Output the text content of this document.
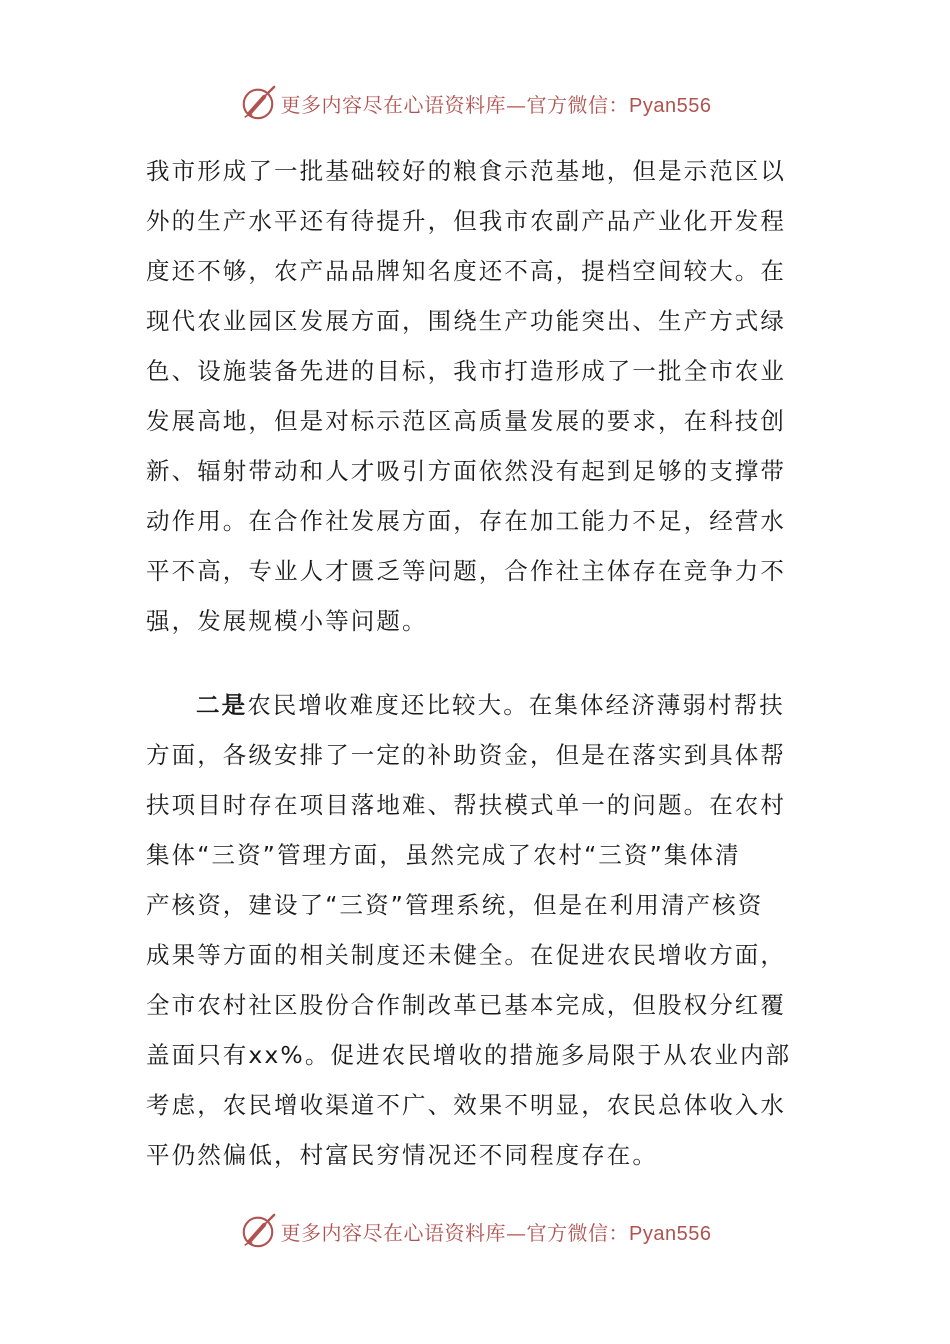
更多内容尽在心语资料库—官方微信：Pyan556
我市形成了一批基础较好的粮食示范基地，但是示范区以
外的生产水平还有待提升，但我市农副产品产业化开发程
度还不够，农产品品牌知名度还不高，提档空间较大。在
现代农业园区发展方面，围绕生产功能突出、生产方式绿
色、设施装备先进的目标，我市打造形成了一批全市农业
发展高地，但是对标示范区高质量发展的要求，在科技创
新、辐射带动和人才吸引方面依然没有起到足够的支撑带
动作用。在合作社发展方面，存在加工能力不足，经营水
平不高，专业人才匮乏等问题，合作社主体存在竞争力不
强，发展规模小等问题。
二是农民增收难度还比较大。在集体经济薄弱村帮扶
方面，各级安排了一定的补助资金，但是在落实到具体帮
扶项目时存在项目落地难、帮扶模式单一的问题。在农村
集体“三资”管理方面，虽然完成了农村“三资”集体清
产核资，建设了“三资”管理系统，但是在利用清产核资
成果等方面的相关制度还未健全。在促进农民增收方面，
全市农村社区股份合作制改革已基本完成，但股权分红覆
盖面只有xx%。促进农民增收的措施多局限于从农业内部
考虑，农民增收渠道不广、效果不明显，农民总体收入水
平仍然偏低，村富民穷情况还不同程度存在。
更多内容尽在心语资料库—官方微信：Pyan556
